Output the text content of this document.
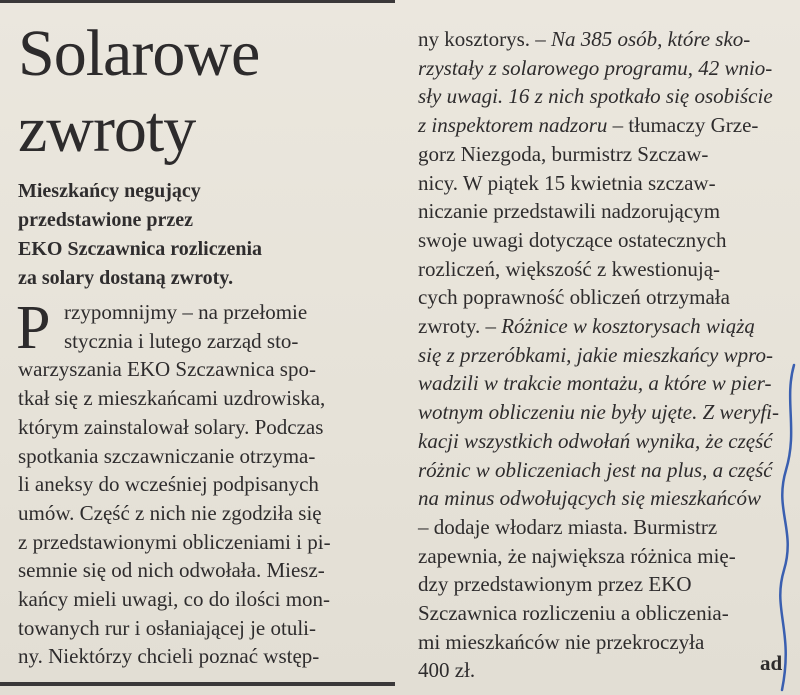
Solarowe
zwroty

Mieszkańcy negujący
przedstawione przez
EKO Szczawnica rozliczenia
za solary dostaną zwroty.

P rzypomnijmy – na przełomie
stycznia i lutego zarząd sto-
warzyszania EKO Szczawnica spo-
tkał się z mieszkańcami uzdrowiska,
którym zainstalował solary. Podczas
spotkania szczawniczanie otrzyma-
li aneksy do wcześniej podpisanych
umów. Część z nich nie zgodziła się
z przedstawionymi obliczeniami i pi-
semnie się od nich odwołała. Miesz-
kańcy mieli uwagi, co do ilości mon-
towanych rur i osłaniającej je otuli-
ny. Niektórzy chcieli poznać wstęp-
ny kosztorys. – Na 385 osób, które sko-
rzystały z solarowego programu, 42 wnio-
sły uwagi. 16 z nich spotkało się osobiście
z inspektorem nadzoru – tłumaczy Grze-
gorz Niezgoda, burmistrz Szczaw-
nicy. W piątek 15 kwietnia szczaw-
niczanie przedstawili nadzorującym
swoje uwagi dotyczące ostatecznych
rozliczeń, większość z kwestionują-
cych poprawność obliczeń otrzymała
zwroty. – Różnice w kosztorysach wiążą
się z przeróbkami, jakie mieszkańcy wpro-
wadzili w trakcie montażu, a które w pier-
wotnym obliczeniu nie były ujęte. Z weryfi-
kacji wszystkich odwołań wynika, że część
różnic w obliczeniach jest na plus, a część
na minus odwołujących się mieszkańców
– dodaje włodarz miasta. Burmistrz
zapewnia, że największa różnica mię-
dzy przedstawionym przez EKO
Szczawnica rozliczeniu a obliczenia-
mi mieszkańców nie przekroczyła
400 zł.	ad
